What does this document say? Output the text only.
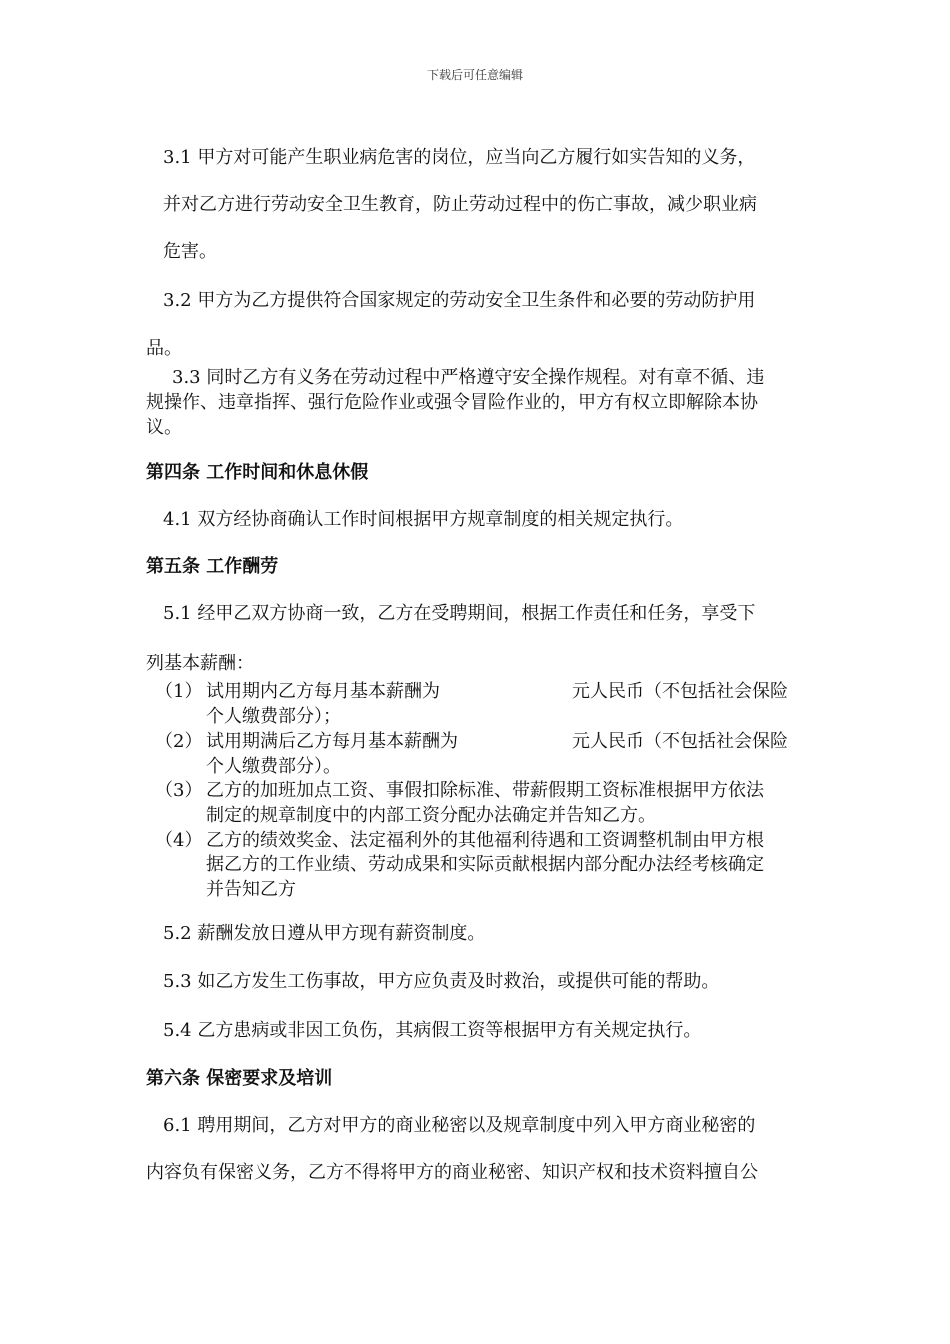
下载后可任意编辑
3.1 甲方对可能产生职业病危害的岗位，应当向乙方履行如实告知的义务，
并对乙方进行劳动安全卫生教育，防止劳动过程中的伤亡事故，减少职业病
危害。
3.2 甲方为乙方提供符合国家规定的劳动安全卫生条件和必要的劳动防护用
品。
3.3 同时乙方有义务在劳动过程中严格遵守安全操作规程。对有章不循、违
规操作、违章指挥、强行危险作业或强令冒险作业的，甲方有权立即解除本协
议。
第四条 工作时间和休息休假
4.1 双方经协商确认工作时间根据甲方规章制度的相关规定执行。
第五条 工作酬劳
5.1 经甲乙双方协商一致，乙方在受聘期间，根据工作责任和任务，享受下
列基本薪酬：
（1） 试用期内乙方每月基本薪酬为	元人民币（不包括社会保险
个人缴费部分）；
（2） 试用期满后乙方每月基本薪酬为	元人民币（不包括社会保险
个人缴费部分）。
（3） 乙方的加班加点工资、事假扣除标准、带薪假期工资标准根据甲方依法
制定的规章制度中的内部工资分配办法确定并告知乙方。
（4） 乙方的绩效奖金、法定福利外的其他福利待遇和工资调整机制由甲方根
据乙方的工作业绩、劳动成果和实际贡献根据内部分配办法经考核确定
并告知乙方
5.2 薪酬发放日遵从甲方现有薪资制度。
5.3 如乙方发生工伤事故，甲方应负责及时救治，或提供可能的帮助。
5.4 乙方患病或非因工负伤，其病假工资等根据甲方有关规定执行。
第六条 保密要求及培训
6.1 聘用期间，乙方对甲方的商业秘密以及规章制度中列入甲方商业秘密的
内容负有保密义务，乙方不得将甲方的商业秘密、知识产权和技术资料擅自公
